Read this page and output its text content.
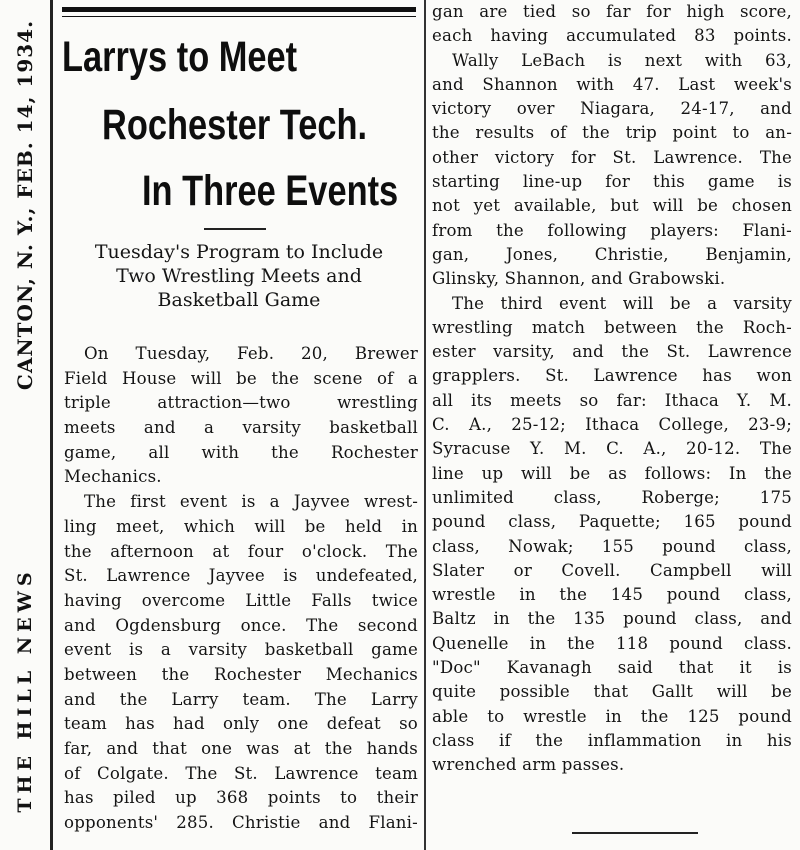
CANTON, N. Y., FEB. 14, 1934.
THE HILL NEWS
Larrys to Meet
Rochester Tech.
In Three Events
Tuesday's Program to Include
Two Wrestling Meets and
Basketball Game
On Tuesday, Feb. 20, Brewer
Field House will be the scene of a
triple attraction—two wrestling
meets and a varsity basketball
game, all with the Rochester
Mechanics.
The first event is a Jayvee wrest-
ling meet, which will be held in
the afternoon at four o'clock. The
St. Lawrence Jayvee is undefeated,
having overcome Little Falls twice
and Ogdensburg once. The second
event is a varsity basketball game
between the Rochester Mechanics
and the Larry team. The Larry
team has had only one defeat so
far, and that one was at the hands
of Colgate. The St. Lawrence team
has piled up 368 points to their
opponents' 285. Christie and Flani-
gan are tied so far for high score,
each having accumulated 83 points.
Wally LeBach is next with 63,
and Shannon with 47. Last week's
victory over Niagara, 24-17, and
the results of the trip point to an-
other victory for St. Lawrence. The
starting line-up for this game is
not yet available, but will be chosen
from the following players: Flani-
gan, Jones, Christie, Benjamin,
Glinsky, Shannon, and Grabowski.
The third event will be a varsity
wrestling match between the Roch-
ester varsity, and the St. Lawrence
grapplers. St. Lawrence has won
all its meets so far: Ithaca Y. M.
C. A., 25-12; Ithaca College, 23-9;
Syracuse Y. M. C. A., 20-12. The
line up will be as follows: In the
unlimited class, Roberge; 175
pound class, Paquette; 165 pound
class, Nowak; 155 pound class,
Slater or Covell. Campbell will
wrestle in the 145 pound class,
Baltz in the 135 pound class, and
Quenelle in the 118 pound class.
"Doc" Kavanagh said that it is
quite possible that Gallt will be
able to wrestle in the 125 pound
class if the inflammation in his
wrenched arm passes.
